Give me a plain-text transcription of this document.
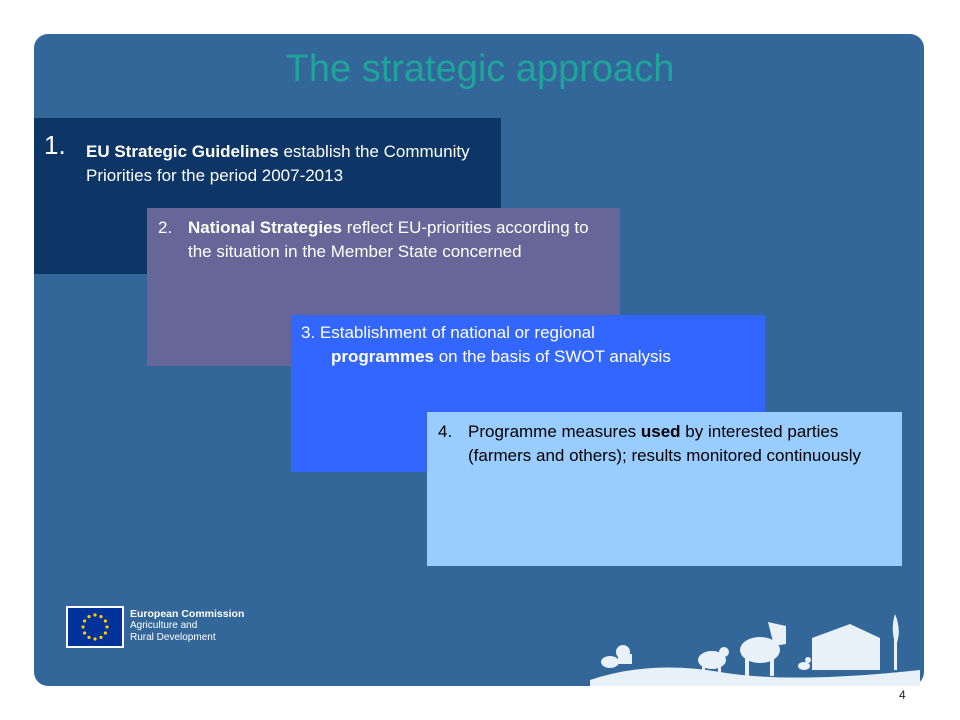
The strategic approach
1. EU Strategic Guidelines establish the Community Priorities for the period 2007-2013
2. National Strategies reflect EU-priorities according to the situation in the Member State concerned
3. Establishment of national or regional
programmes on the basis of SWOT analysis
4. Programme measures used by interested parties (farmers and others); results monitored continuously
European Commission
Agriculture and
Rural Development
4
